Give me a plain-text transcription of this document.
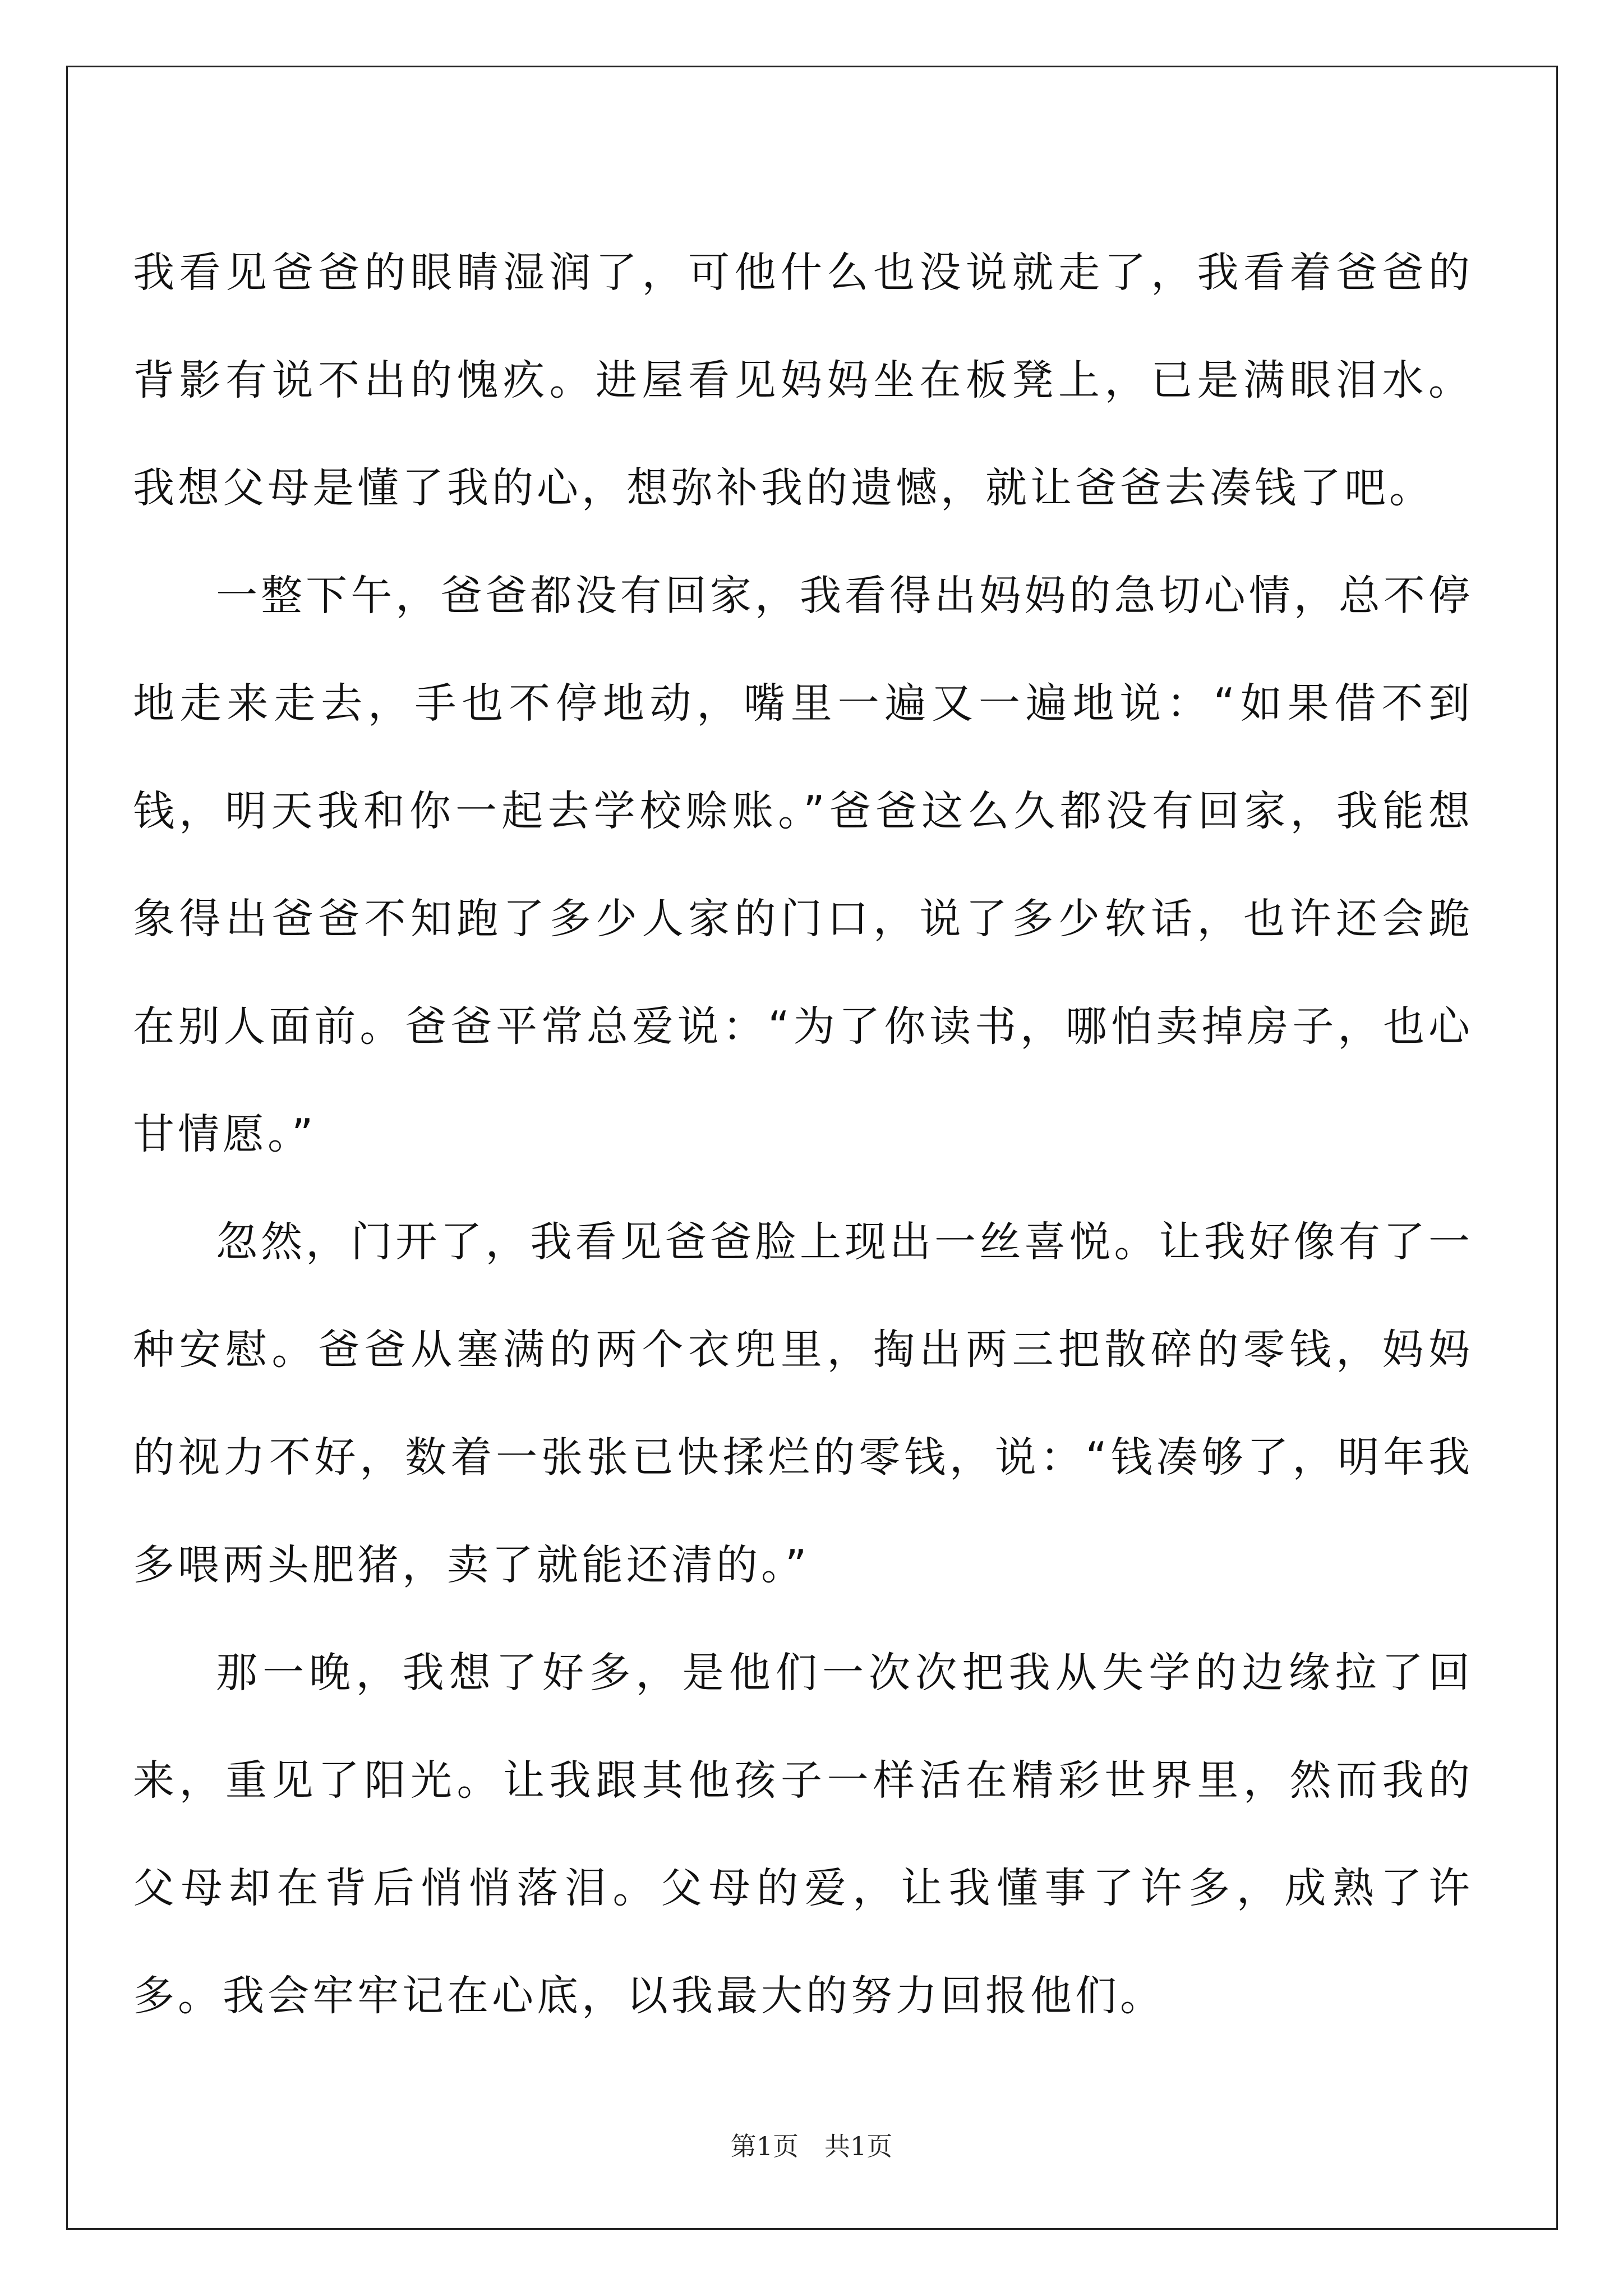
我看见爸爸的眼睛湿润了，可他什么也没说就走了，我看着爸爸的背影有说不出的愧疚。进屋看见妈妈坐在板凳上，已是满眼泪水。我想父母是懂了我的心，想弥补我的遗憾，就让爸爸去凑钱了吧。

一整下午，爸爸都没有回家，我看得出妈妈的急切心情，总不停地走来走去，手也不停地动，嘴里一遍又一遍地说：“如果借不到钱，明天我和你一起去学校赊账。”爸爸这么久都没有回家，我能想象得出爸爸不知跑了多少人家的门口，说了多少软话，也许还会跪在别人面前。爸爸平常总爱说：“为了你读书，哪怕卖掉房子，也心甘情愿。”

忽然，门开了，我看见爸爸脸上现出一丝喜悦。让我好像有了一种安慰。爸爸从塞满的两个衣兜里，掏出两三把散碎的零钱，妈妈的视力不好，数着一张张已快揉烂的零钱，说：“钱凑够了，明年我多喂两头肥猪，卖了就能还清的。”

那一晚，我想了好多，是他们一次次把我从失学的边缘拉了回来，重见了阳光。让我跟其他孩子一样活在精彩世界里，然而我的父母却在背后悄悄落泪。父母的爱，让我懂事了许多，成熟了许多。我会牢牢记在心底，以我最大的努力回报他们。

第1页　共1页
